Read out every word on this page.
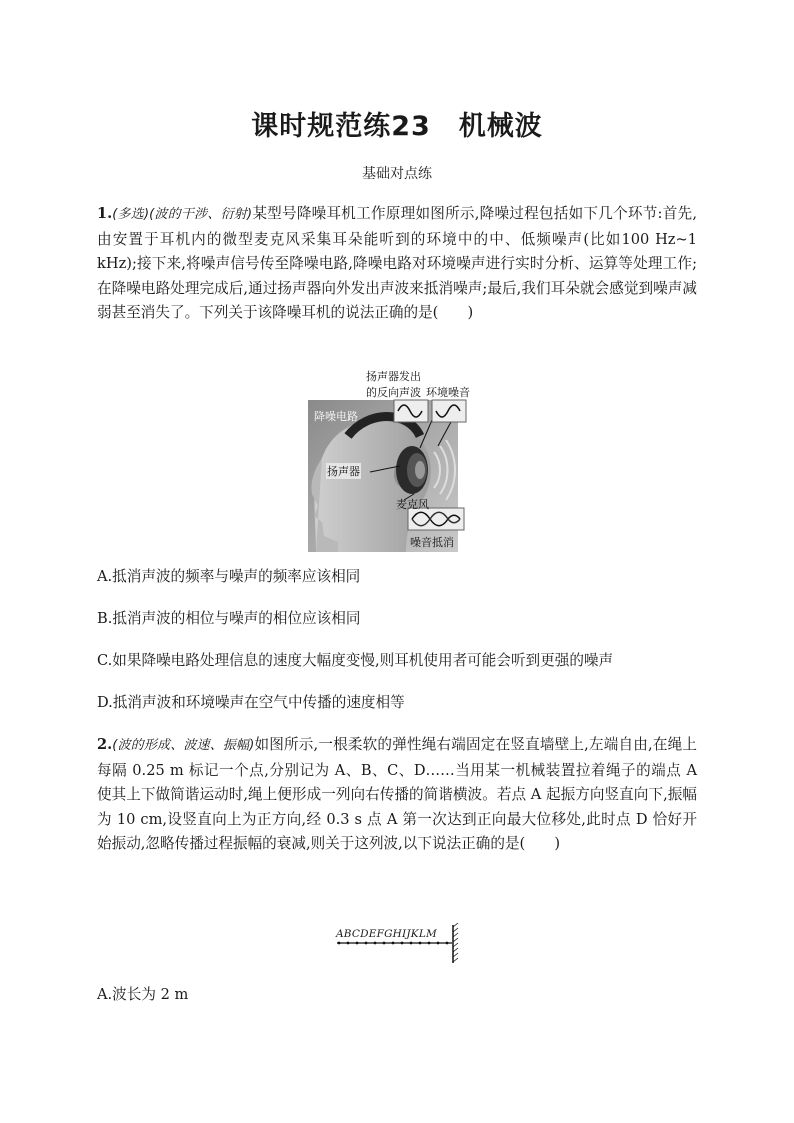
课时规范练23　机械波
基础对点练

1.(多选)(波的干涉、衍射)某型号降噪耳机工作原理如图所示,降噪过程包括如下几个环节:首先,由安置于耳机内的微型麦克风采集耳朵能听到的环境中的中、低频噪声(比如100 Hz~1 kHz);接下来,将噪声信号传至降噪电路,降噪电路对环境噪声进行实时分析、运算等处理工作;在降噪电路处理完成后,通过扬声器向外发出声波来抵消噪声;最后,我们耳朵就会感觉到噪声减弱甚至消失了。下列关于该降噪耳机的说法正确的是(　　)

扬声器发出
的反向声波 环境噪音
降噪电路
扬声器
麦克风
噪音抵消
A.抵消声波的频率与噪声的频率应该相同
B.抵消声波的相位与噪声的相位应该相同
C.如果降噪电路处理信息的速度大幅度变慢,则耳机使用者可能会听到更强的噪声
D.抵消声波和环境噪声在空气中传播的速度相等

2.(波的形成、波速、振幅)如图所示,一根柔软的弹性绳右端固定在竖直墙壁上,左端自由,在绳上每隔 0.25 m 标记一个点,分别记为 A、B、C、D……当用某一机械装置拉着绳子的端点 A 使其上下做简谐运动时,绳上便形成一列向右传播的简谐横波。若点 A 起振方向竖直向下,振幅为 10 cm,设竖直向上为正方向,经 0.3 s 点 A 第一次达到正向最大位移处,此时点 D 恰好开始振动,忽略传播过程振幅的衰减,则关于这列波,以下说法正确的是(　　)

ABCDEFGHIJKLM
A.波长为 2 m
